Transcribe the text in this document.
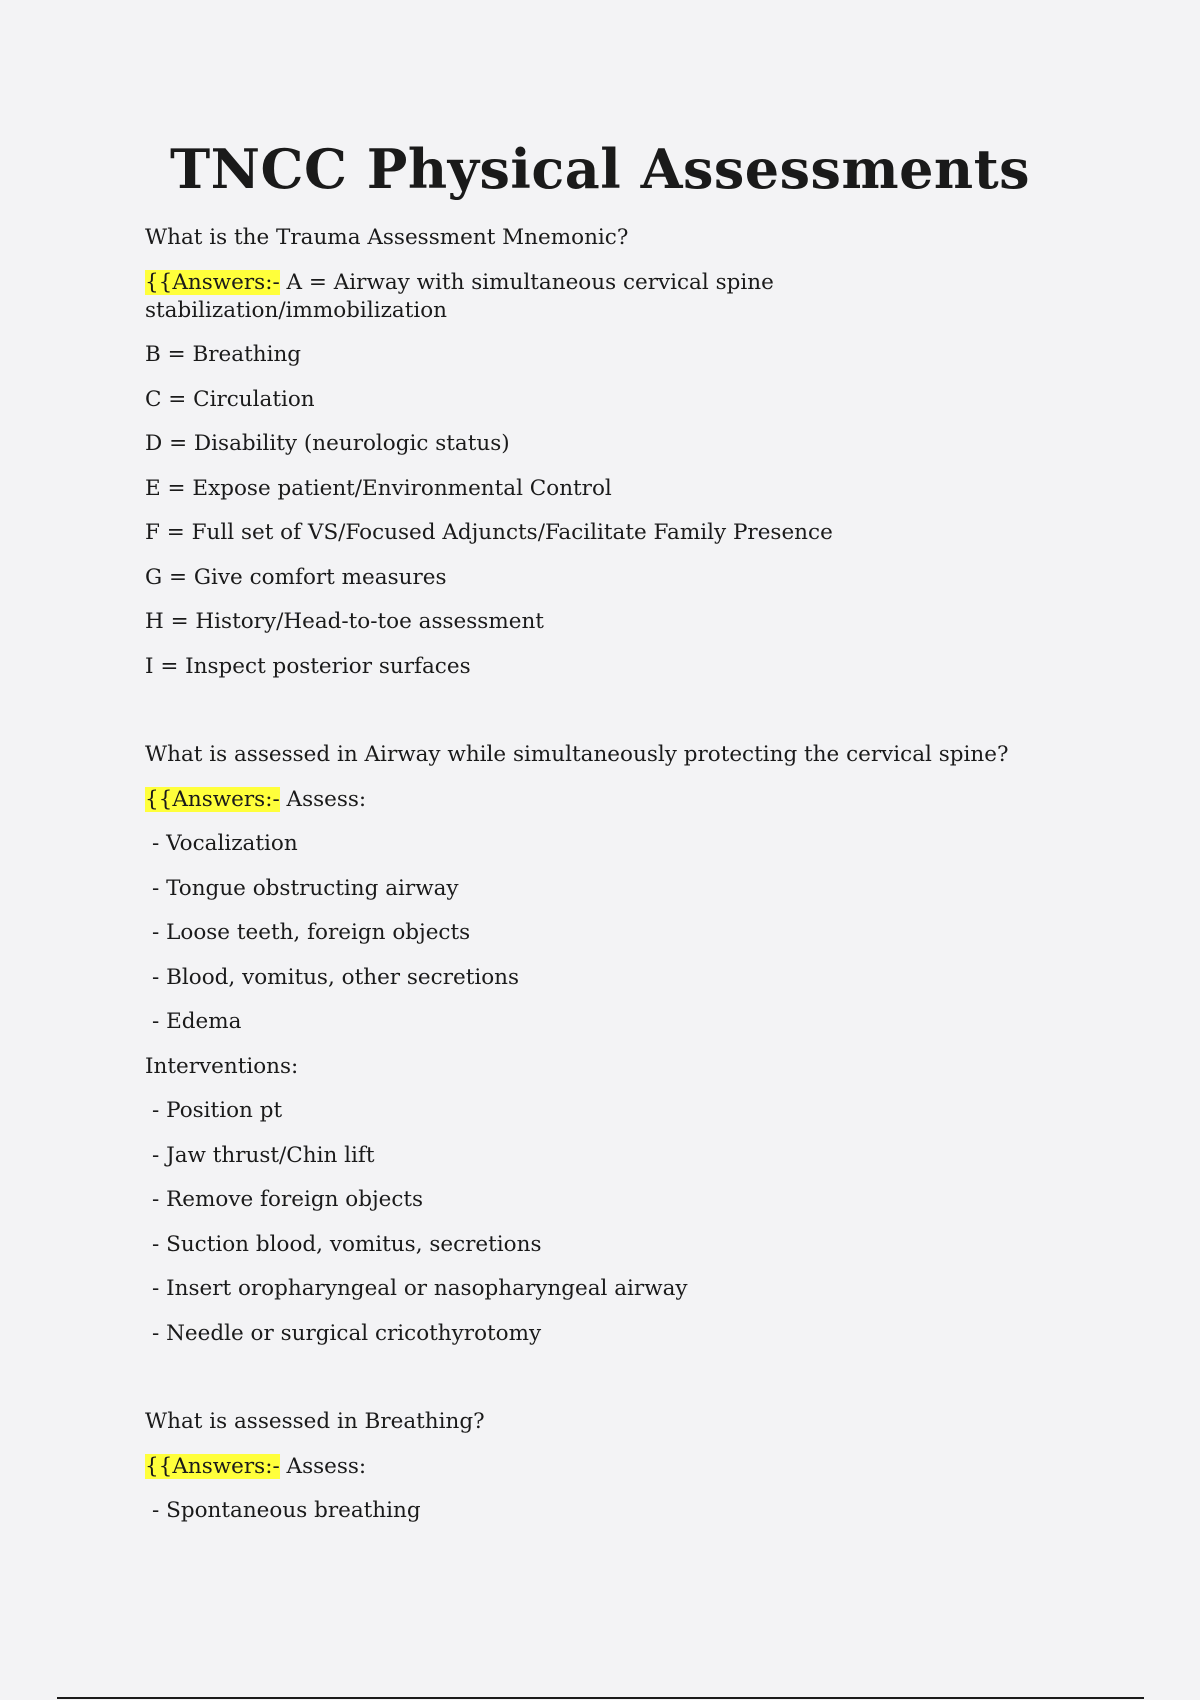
TNCC Physical Assessments
What is the Trauma Assessment Mnemonic?
{{Answers:- A = Airway with simultaneous cervical spine stabilization/immobilization
B = Breathing
C = Circulation
D = Disability (neurologic status)
E = Expose patient/Environmental Control
F = Full set of VS/Focused Adjuncts/Facilitate Family Presence
G = Give comfort measures
H = History/Head-to-toe assessment
I = Inspect posterior surfaces
What is assessed in Airway while simultaneously protecting the cervical spine?
{{Answers:- Assess:
- Vocalization
- Tongue obstructing airway
- Loose teeth, foreign objects
- Blood, vomitus, other secretions
- Edema
Interventions:
- Position pt
- Jaw thrust/Chin lift
- Remove foreign objects
- Suction blood, vomitus, secretions
- Insert oropharyngeal or nasopharyngeal airway
- Needle or surgical cricothyrotomy
What is assessed in Breathing?
{{Answers:- Assess:
- Spontaneous breathing
